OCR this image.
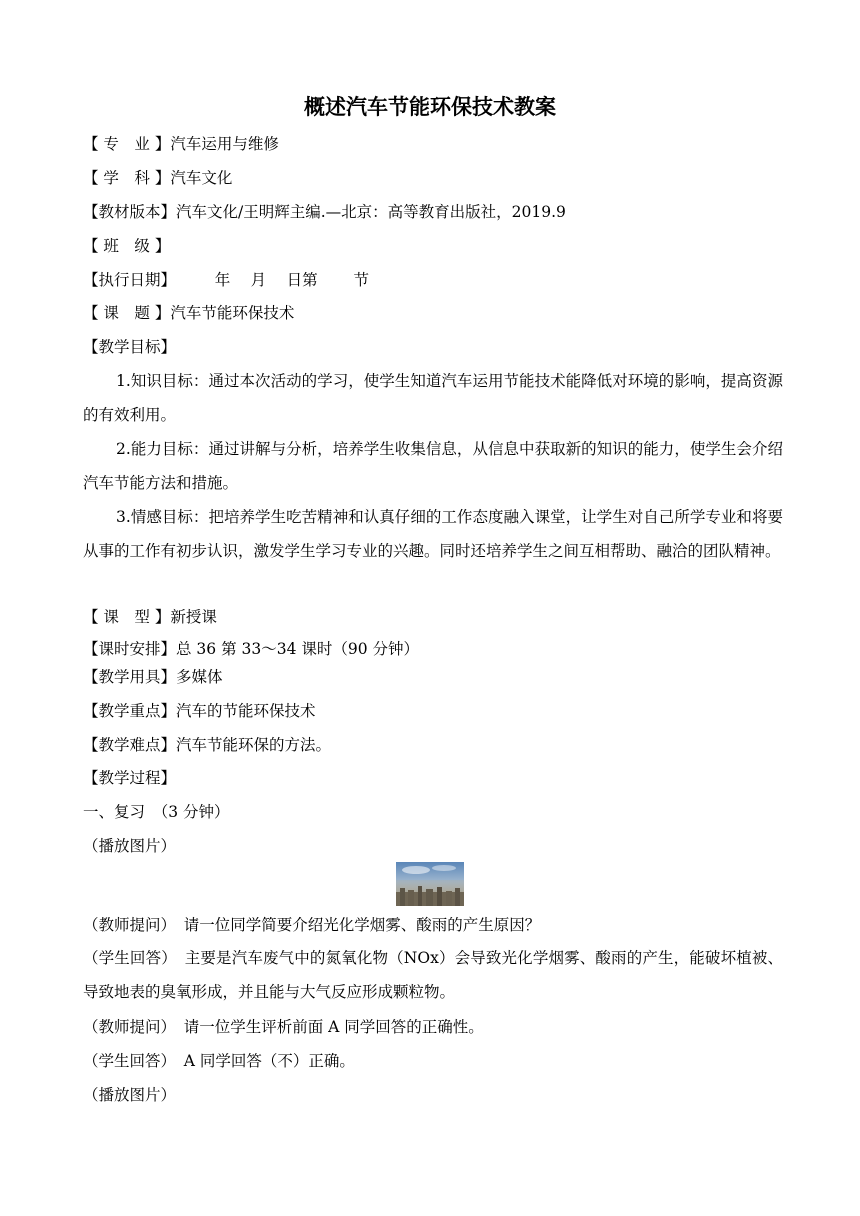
概述汽车节能环保技术教案
【 专　业 】汽车运用与维修
【 学　科 】汽车文化
【教材版本】汽车文化/王明辉主编.—北京：高等教育出版社，2019.9
【 班　级 】
【执行日期】　　　年　 月　 日第　　 节
【 课　题 】汽车节能环保技术
【教学目标】
1.知识目标：通过本次活动的学习，使学生知道汽车运用节能技术能降低对环境的影响，提高资源的有效利用。
2.能力目标：通过讲解与分析，培养学生收集信息，从信息中获取新的知识的能力，使学生会介绍汽车节能方法和措施。
3.情感目标：把培养学生吃苦精神和认真仔细的工作态度融入课堂，让学生对自己所学专业和将要从事的工作有初步认识，激发学生学习专业的兴趣。同时还培养学生之间互相帮助、融洽的团队精神。
【 课　型 】新授课
【课时安排】总 36 第 33～34 课时（90 分钟）
【教学用具】多媒体
【教学重点】汽车的节能环保技术
【教学难点】汽车节能环保的方法。
【教学过程】
一、复习　（3 分钟）
（播放图片）
（教师提问）　请一位同学简要介绍光化学烟雾、酸雨的产生原因？
（学生回答）　主要是汽车废气中的氮氧化物（NOx）会导致光化学烟雾、酸雨的产生，能破坏植被、导致地表的臭氧形成，并且能与大气反应形成颗粒物。
（教师提问）　请一位学生评析前面 A 同学回答的正确性。
（学生回答）　A 同学回答（不）正确。
（播放图片）
